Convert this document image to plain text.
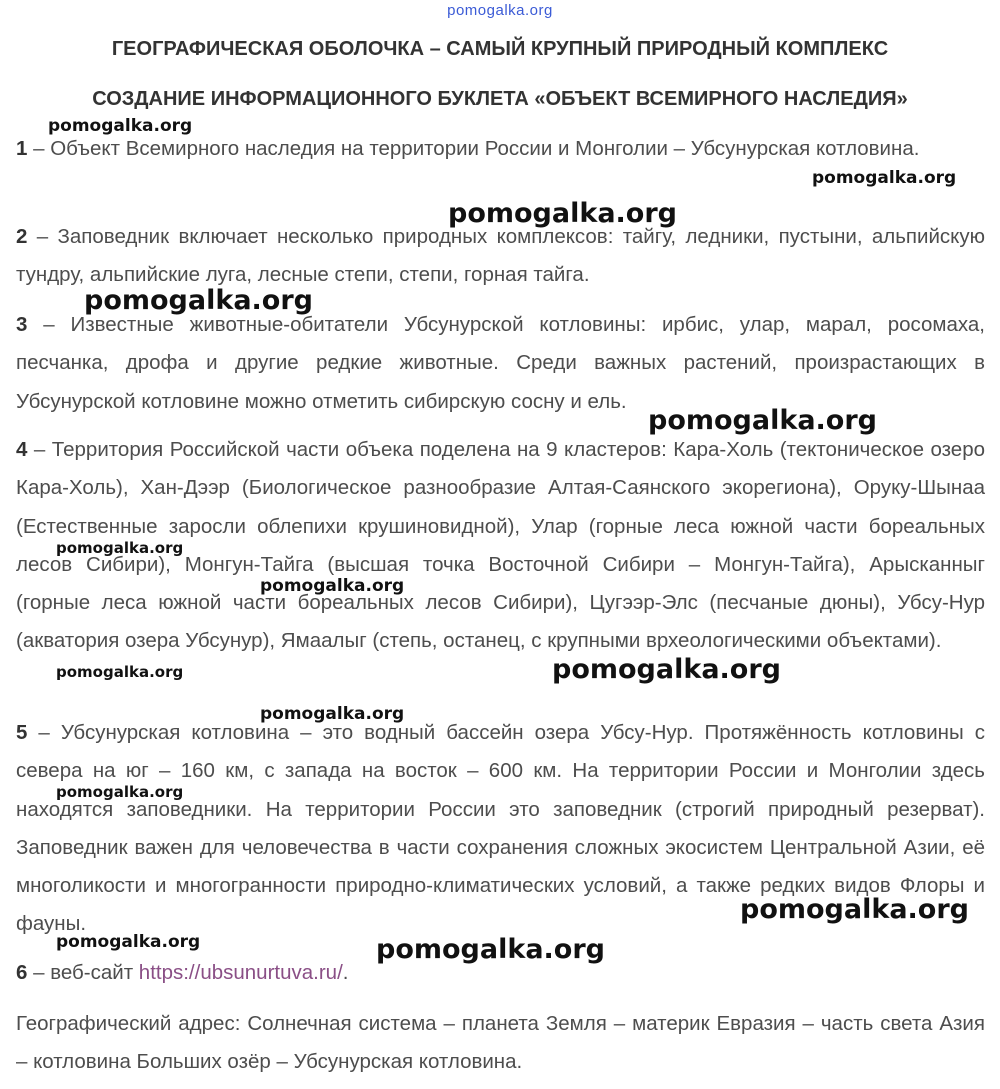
pomogalka.org
ГЕОГРАФИЧЕСКАЯ ОБОЛОЧКА – САМЫЙ КРУПНЫЙ ПРИРОДНЫЙ КОМПЛЕКС
СОЗДАНИЕ ИНФОРМАЦИОННОГО БУКЛЕТА «ОБЪЕКТ ВСЕМИРНОГО НАСЛЕДИЯ»
1 – Объект Всемирного наследия на территории России и Монголии – Убсунурская котловина.
2 – Заповедник включает несколько природных комплексов: тайгу, ледники, пустыни, альпийскую тундру, альпийские луга, лесные степи, степи, горная тайга.
3 – Известные животные-обитатели Убсунурской котловины: ирбис, улар, марал, росомаха, песчанка, дрофа и другие редкие животные. Среди важных растений, произрастающих в Убсунурской котловине можно отметить сибирскую сосну и ель.
4 – Территория Российской части объека поделена на 9 кластеров: Кара-Холь (тектоническое озеро Кара-Холь), Хан-Дээр (Биологическое разнообразие Алтая-Саянского экорегиона), Оруку-Шынаа (Естественные заросли облепихи крушиновидной), Улар (горные леса южной части бореальных лесов Сибири), Монгун-Тайга (высшая точка Восточной Сибири – Монгун-Тайга), Арысканныг (горные леса южной части бореальных лесов Сибири), Цугээр-Элс (песчаные дюны), Убсу-Нур (акватория озера Убсунур), Ямаалыг (степь, останец, с крупными врхеологическими объектами).
5 – Убсунурская котловина – это водный бассейн озера Убсу-Нур. Протяжённость котловины с севера на юг – 160 км, с запада на восток – 600 км. На территории России и Монголии здесь находятся заповедники. На территории России это заповедник (строгий природный резерват). Заповедник важен для человечества в части сохранения сложных экосистем Центральной Азии, её многоликости и многогранности природно-климатических условий, а также редких видов Флоры и фауны.
6 – веб-сайт https://ubsunurtuva.ru/.
Географический адрес: Солнечная система – планета Земля – материк Евразия – часть света Азия – котловина Больших озёр – Убсунурская котловина.
pomogalka.org
pomogalka.org
pomogalka.org
pomogalka.org
pomogalka.org
pomogalka.org
pomogalka.org
pomogalka.org	pomogalka.org
pomogalka.org
pomogalka.org
pomogalka.org
pomogalka.org	pomogalka.org
